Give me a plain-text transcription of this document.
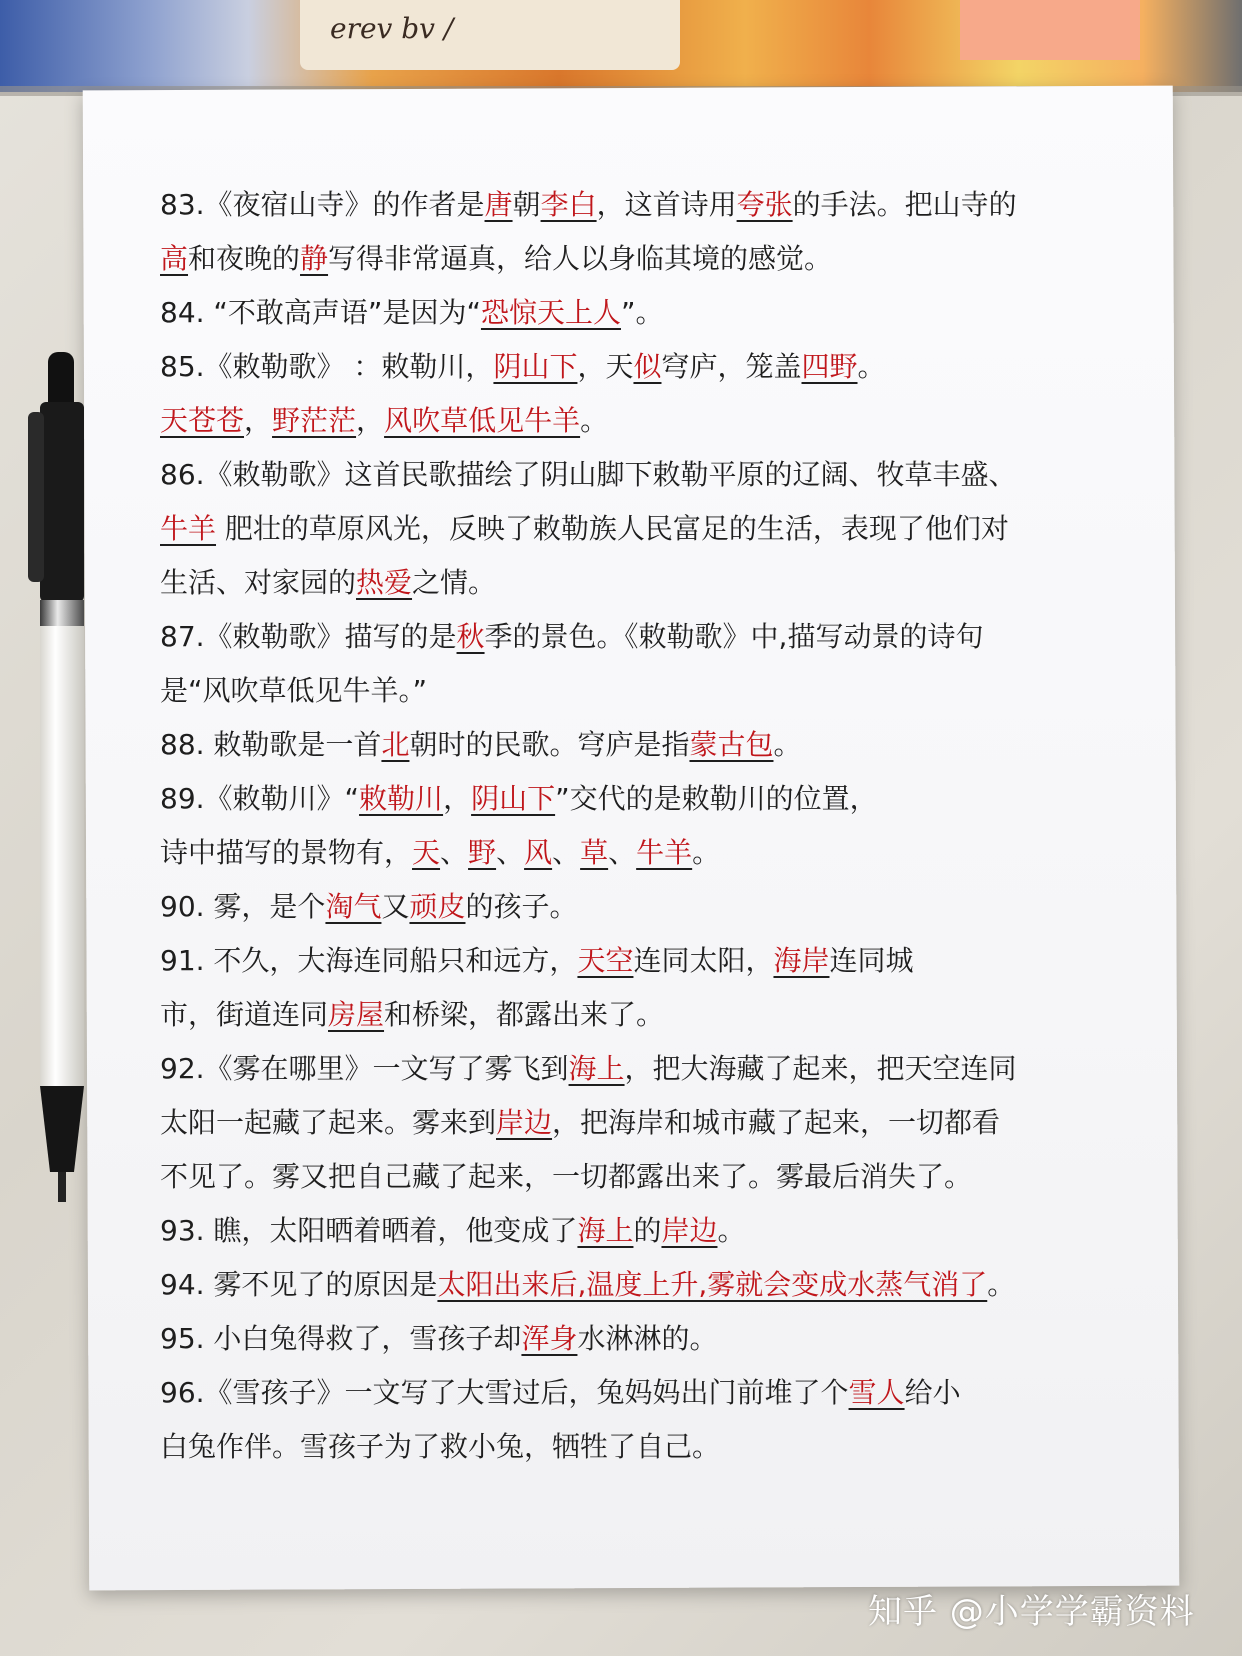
erev bv /
83.《夜宿山寺》的作者是唐朝李白，这首诗用夸张的手法。把山寺的
高和夜晚的静写得非常逼真，给人以身临其境的感觉。
84. “不敢高声语”是因为“恐惊天上人”。
85.《敕勒歌》 ：敕勒川，阴山下，天似穹庐，笼盖四野。
天苍苍，野茫茫，风吹草低见牛羊。
86.《敕勒歌》这首民歌描绘了阴山脚下敕勒平原的辽阔、牧草丰盛、
牛羊 肥壮的草原风光，反映了敕勒族人民富足的生活，表现了他们对
生活、对家园的热爱之情。
87.《敕勒歌》描写的是秋季的景色。《敕勒歌》中,描写动景的诗句
是“风吹草低见牛羊。”
88. 敕勒歌是一首北朝时的民歌。穹庐是指蒙古包。
89.《敕勒川》“敕勒川，阴山下”交代的是敕勒川的位置，
诗中描写的景物有，天、野、风、草、牛羊。
90. 雾，是个淘气又顽皮的孩子。
91. 不久，大海连同船只和远方，天空连同太阳，海岸连同城
市，街道连同房屋和桥梁，都露出来了。
92.《雾在哪里》一文写了雾飞到海上，把大海藏了起来，把天空连同
太阳一起藏了起来。雾来到岸边，把海岸和城市藏了起来，一切都看
不见了。雾又把自己藏了起来，一切都露出来了。雾最后消失了。
93. 瞧，太阳晒着晒着，他变成了海上的岸边。
94. 雾不见了的原因是太阳出来后,温度上升,雾就会变成水蒸气消了。
95. 小白兔得救了，雪孩子却浑身水淋淋的。
96.《雪孩子》一文写了大雪过后，兔妈妈出门前堆了个雪人给小
白兔作伴。雪孩子为了救小兔，牺牲了自己。
知乎 @小学学霸资料
